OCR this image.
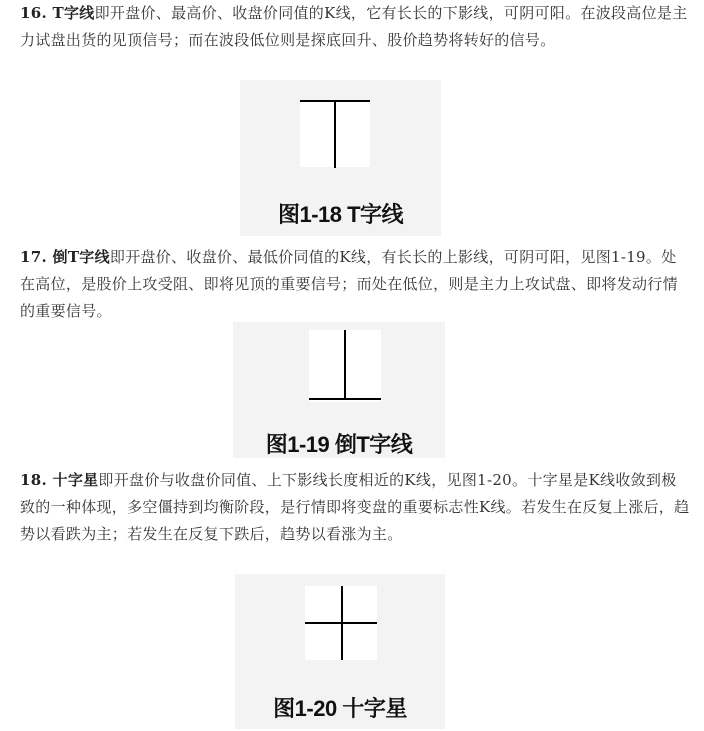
16. T字线即开盘价、最高价、收盘价同值的K线，它有长长的下影线，可阴可阳。在波段高位是主力试盘出货的见顶信号；而在波段低位则是探底回升、股价趋势将转好的信号。

图1-18 T字线

17. 倒T字线即开盘价、收盘价、最低价同值的K线，有长长的上影线，可阴可阳，见图1-19。处在高位，是股价上攻受阻、即将见顶的重要信号；而处在低位，则是主力上攻试盘、即将发动行情的重要信号。

图1-19 倒T字线

18. 十字星即开盘价与收盘价同值、上下影线长度相近的K线，见图1-20。十字星是K线收敛到极致的一种体现，多空僵持到均衡阶段，是行情即将变盘的重要标志性K线。若发生在反复上涨后，趋势以看跌为主；若发生在反复下跌后，趋势以看涨为主。

图1-20 十字星
